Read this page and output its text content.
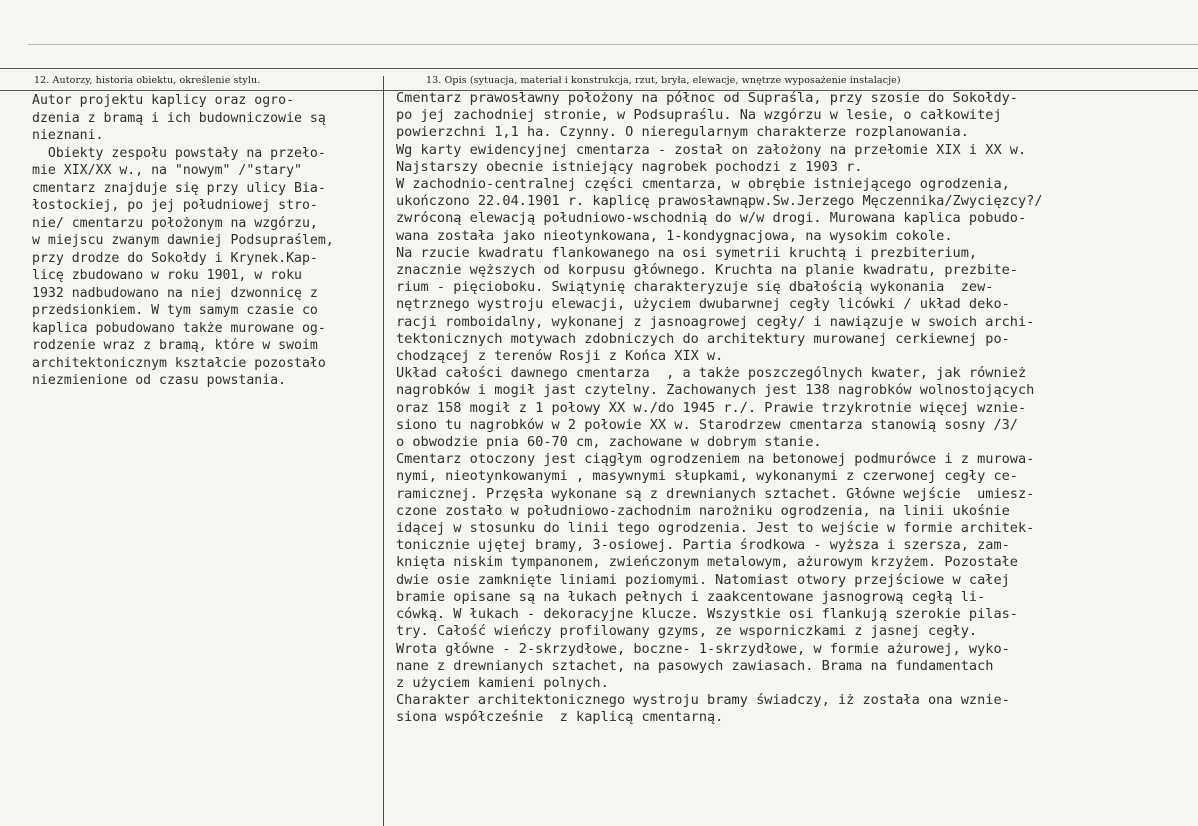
12. Autorzy, historia obiektu, określenie stylu.	13. Opis (sytuacja, materiał i konstrukcja, rzut, bryła, elewacje, wnętrze wyposażenie instalacje)
Autor projektu kaplicy oraz ogro-
dzenia z bramą i ich budowniczowie są
nieznani.
Obiekty zespołu powstały na przeło-
mie XIX/XX w., na "nowym" /"stary"
cmentarz znajduje się przy ulicy Bia-
łostockiej, po jej południowej stro-
nie/ cmentarzu położonym na wzgórzu,
w miejscu zwanym dawniej Podsupraślem,
przy drodze do Sokołdy i Krynek.Kap-
licę zbudowano w roku 1901, w roku
1932 nadbudowano na niej dzwonnicę z
przedsionkiem. W tym samym czasie co
kaplica pobudowano także murowane og-
rodzenie wraz z bramą, które w swoim
architektonicznym kształcie pozostało
niezmienione od czasu powstania.
Cmentarz prawosławny położony na północ od Supraśla, przy szosie do Sokołdy-
po jej zachodniej stronie, w Podsupraślu. Na wzgórzu w lesie, o całkowitej
powierzchni 1,1 ha. Czynny. O nieregularnym charakterze rozplanowania.
Wg karty ewidencyjnej cmentarza - został on założony na przełomie XIX i XX w.
Najstarszy obecnie istniejący nagrobek pochodzi z 1903 r.
W zachodnio-centralnej części cmentarza, w obrębie istniejącego ogrodzenia,
ukończono 22.04.1901 r. kaplicę prawosławnąpw.Sw.Jerzego Męczennika/Zwycięzcy?/
zwróconą elewacją południowo-wschodnią do w/w drogi. Murowana kaplica pobudo-
wana została jako nieotynkowana, 1-kondygnacjowa, na wysokim cokole.
Na rzucie kwadratu flankowanego na osi symetrii kruchtą i prezbiterium,
znacznie węższych od korpusu głównego. Kruchta na planie kwadratu, prezbite-
rium - pięcioboku. Swiątynię charakteryzuje się dbałością wykonania  zew-
nętrznego wystroju elewacji, użyciem dwubarwnej cegły licówki / układ deko-
racji romboidalny, wykonanej z jasnoagrowej cegły/ i nawiązuje w swoich archi-
tektonicznych motywach zdobniczych do architektury murowanej cerkiewnej po-
chodzącej z terenów Rosji z Końca XIX w.
Układ całości dawnego cmentarza  , a także poszczególnych kwater, jak również
nagrobków i mogił jast czytelny. Zachowanych jest 138 nagrobków wolnostojących
oraz 158 mogił z 1 połowy XX w./do 1945 r./. Prawie trzykrotnie więcej wznie-
siono tu nagrobków w 2 połowie XX w. Starodrzew cmentarza stanowią sosny /3/
o obwodzie pnia 60-70 cm, zachowane w dobrym stanie.
Cmentarz otoczony jest ciągłym ogrodzeniem na betonowej podmurówce i z murowa-
nymi, nieotynkowanymi , masywnymi słupkami, wykonanymi z czerwonej cegły ce-
ramicznej. Przęsła wykonane są z drewnianych sztachet. Główne wejście  umiesz-
czone zostało w południowo-zachodnim narożniku ogrodzenia, na linii ukośnie
idącej w stosunku do linii tego ogrodzenia. Jest to wejście w formie architek-
tonicznie ujętej bramy, 3-osiowej. Partia środkowa - wyższa i szersza, zam-
knięta niskim tympanonem, zwieńczonym metalowym, ażurowym krzyżem. Pozostałe
dwie osie zamknięte liniami poziomymi. Natomiast otwory przejściowe w całej
bramie opisane są na łukach pełnych i zaakcentowane jasnogrową cegłą li-
cówką. W łukach - dekoracyjne klucze. Wszystkie osi flankują szerokie pilas-
try. Całość wieńczy profilowany gzyms, ze wsporniczkami z jasnej cegły.
Wrota główne - 2-skrzydłowe, boczne- 1-skrzydłowe, w formie ażurowej, wyko-
nane z drewnianych sztachet, na pasowych zawiasach. Brama na fundamentach
z użyciem kamieni polnych.
Charakter architektonicznego wystroju bramy świadczy, iż została ona wznie-
siona współcześnie  z kaplicą cmentarną.
